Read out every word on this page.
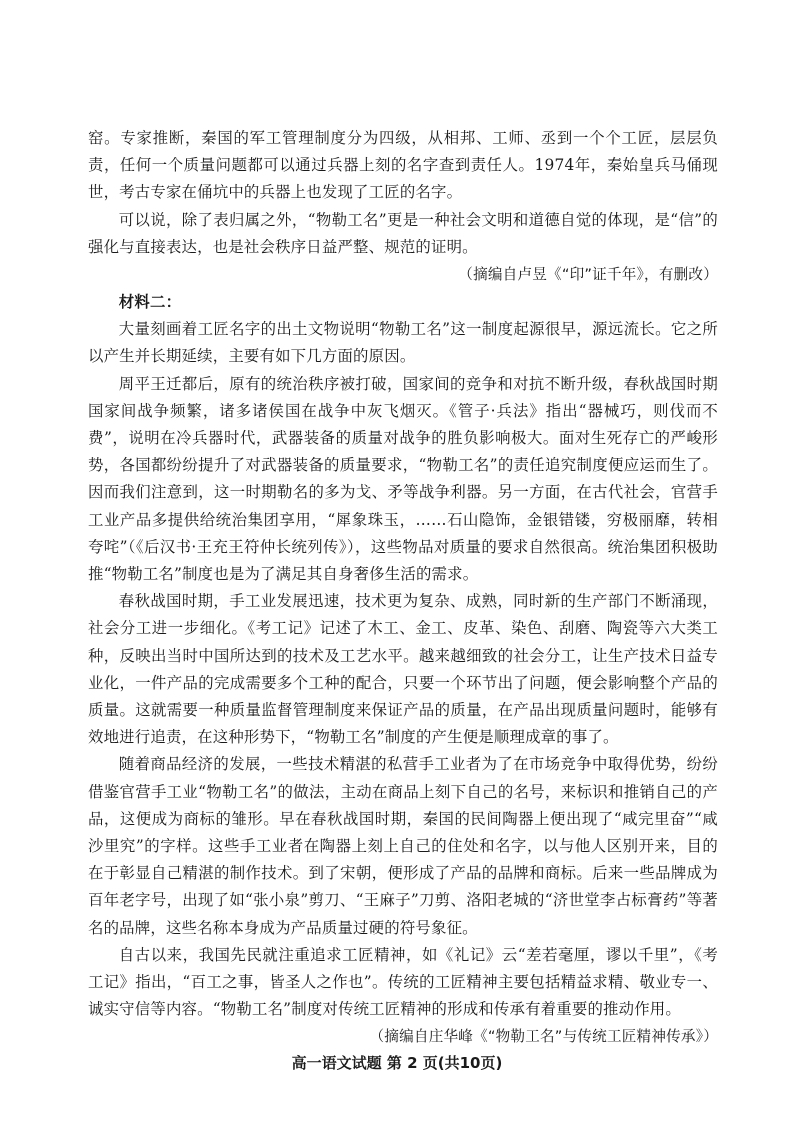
窑。专家推断，秦国的军工管理制度分为四级，从相邦、工师、丞到一个个工匠，层层负责，任何一个质量问题都可以通过兵器上刻的名字查到责任人。1974年，秦始皇兵马俑现世，考古专家在俑坑中的兵器上也发现了工匠的名字。

可以说，除了表归属之外，“物勒工名”更是一种社会文明和道德自觉的体现，是“信”的强化与直接表达，也是社会秩序日益严整、规范的证明。

（摘编自卢昱《“印”证千年》，有删改）

材料二：

大量刻画着工匠名字的出土文物说明“物勒工名”这一制度起源很早，源远流长。它之所以产生并长期延续，主要有如下几方面的原因。

周平王迁都后，原有的统治秩序被打破，国家间的竞争和对抗不断升级，春秋战国时期国家间战争频繁，诸多诸侯国在战争中灰飞烟灭。《管子·兵法》指出“器械巧，则伐而不费”，说明在冷兵器时代，武器装备的质量对战争的胜负影响极大。面对生死存亡的严峻形势，各国都纷纷提升了对武器装备的质量要求，“物勒工名”的责任追究制度便应运而生了。因而我们注意到，这一时期勒名的多为戈、矛等战争利器。另一方面，在古代社会，官营手工业产品多提供给统治集团享用，“犀象珠玉，……石山隐饰，金银错镂，穷极丽靡，转相夸咤”（《后汉书·王充王符仲长统列传》），这些物品对质量的要求自然很高。统治集团积极助推“物勒工名”制度也是为了满足其自身奢侈生活的需求。

春秋战国时期，手工业发展迅速，技术更为复杂、成熟，同时新的生产部门不断涌现，社会分工进一步细化。《考工记》记述了木工、金工、皮革、染色、刮磨、陶瓷等六大类工种，反映出当时中国所达到的技术及工艺水平。越来越细致的社会分工，让生产技术日益专业化，一件产品的完成需要多个工种的配合，只要一个环节出了问题，便会影响整个产品的质量。这就需要一种质量监督管理制度来保证产品的质量，在产品出现质量问题时，能够有效地进行追责，在这种形势下，“物勒工名”制度的产生便是顺理成章的事了。

随着商品经济的发展，一些技术精湛的私营手工业者为了在市场竞争中取得优势，纷纷借鉴官营手工业“物勒工名”的做法，主动在商品上刻下自己的名号，来标识和推销自己的产品，这便成为商标的雏形。早在春秋战国时期，秦国的民间陶器上便出现了“咸完里奋”“咸沙里究”的字样。这些手工业者在陶器上刻上自己的住处和名字，以与他人区别开来，目的在于彰显自己精湛的制作技术。到了宋朝，便形成了产品的品牌和商标。后来一些品牌成为百年老字号，出现了如“张小泉”剪刀、“王麻子”刀剪、洛阳老城的“济世堂李占标膏药”等著名的品牌，这些名称本身成为产品质量过硬的符号象征。

自古以来，我国先民就注重追求工匠精神，如《礼记》云“差若毫厘，谬以千里”，《考工记》指出，“百工之事，皆圣人之作也”。传统的工匠精神主要包括精益求精、敬业专一、诚实守信等内容。“物勒工名”制度对传统工匠精神的形成和传承有着重要的推动作用。

（摘编自庄华峰《“物勒工名”与传统工匠精神传承》）

高一语文试题 第 2 页(共10页)
